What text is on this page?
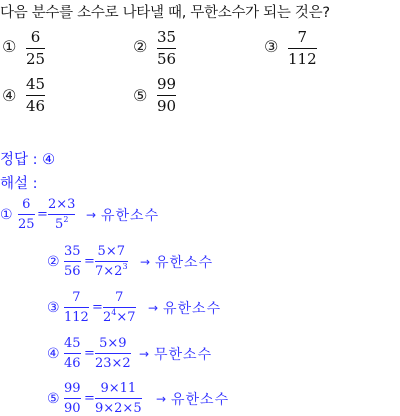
다음 분수를 소수로 나타낼 때, 무한소수가 되는 것은?
① 6
25
② 35
56
③ 7
112
④
45
46
⑤
99
90
정답 : ④
해설 :
①
6
25
=
2×3
$5^2$ → 유한소수
②
35
56
=
5×7
$7\times 2^3$ → 유한소수
③
7
112
=
7
$2^4\times 7$
→ 유한소수
④
45
46
=
5×9
23×2
→ 무한소수
⑤
99
90
=
9×11
9×2×5
→ 유한소수
